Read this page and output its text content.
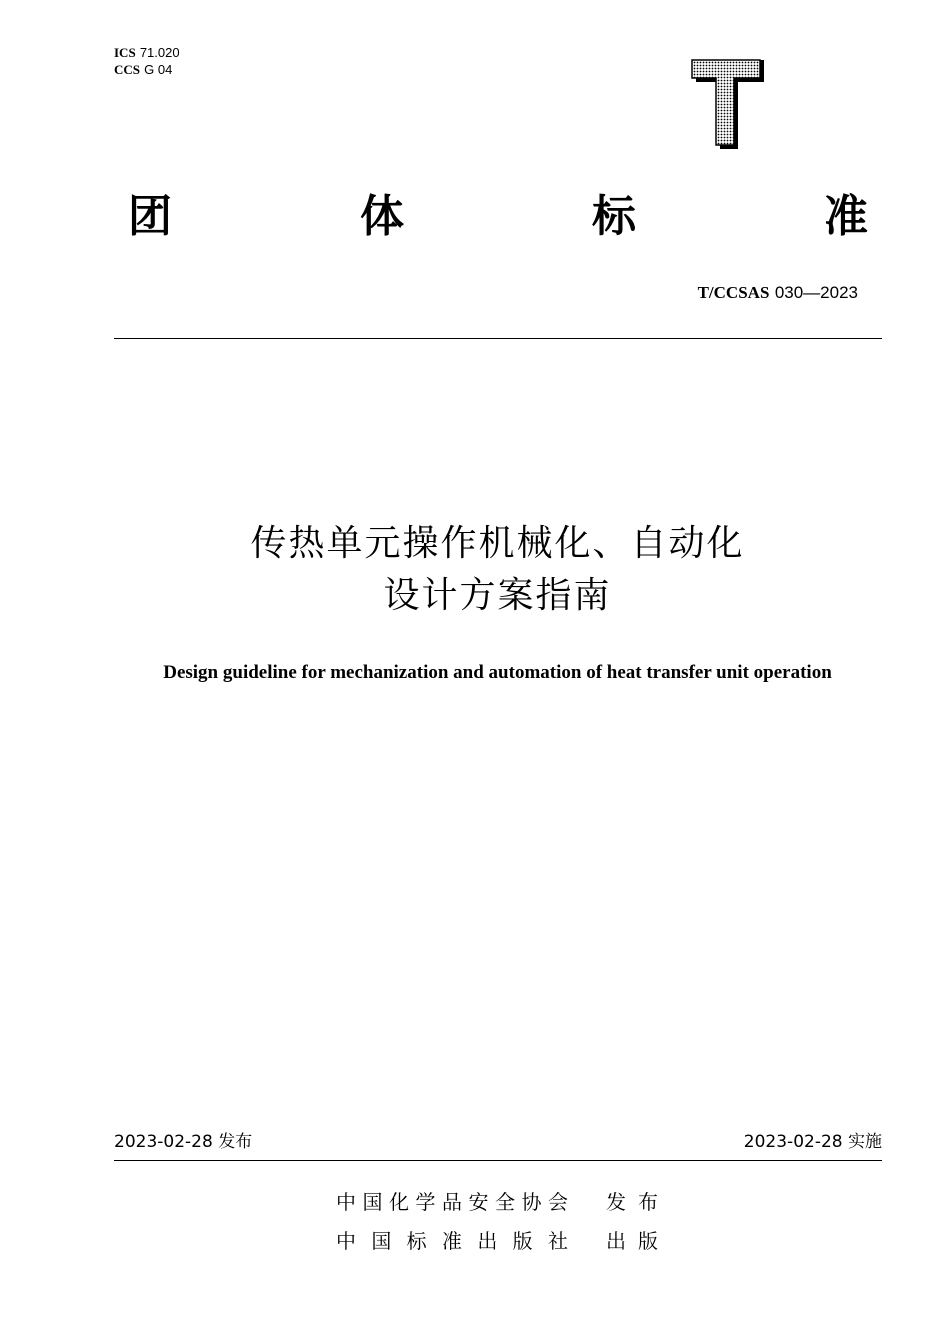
ICS 71.020
CCS G 04
团	体	标	准
T/CCSAS 030—2023
传热单元操作机械化、自动化
设计方案指南
Design guideline for mechanization and automation of heat transfer unit operation
2023-02-28 发布	2023-02-28 实施
中国化学品安全协会 发布
中国标准出版社 出版
